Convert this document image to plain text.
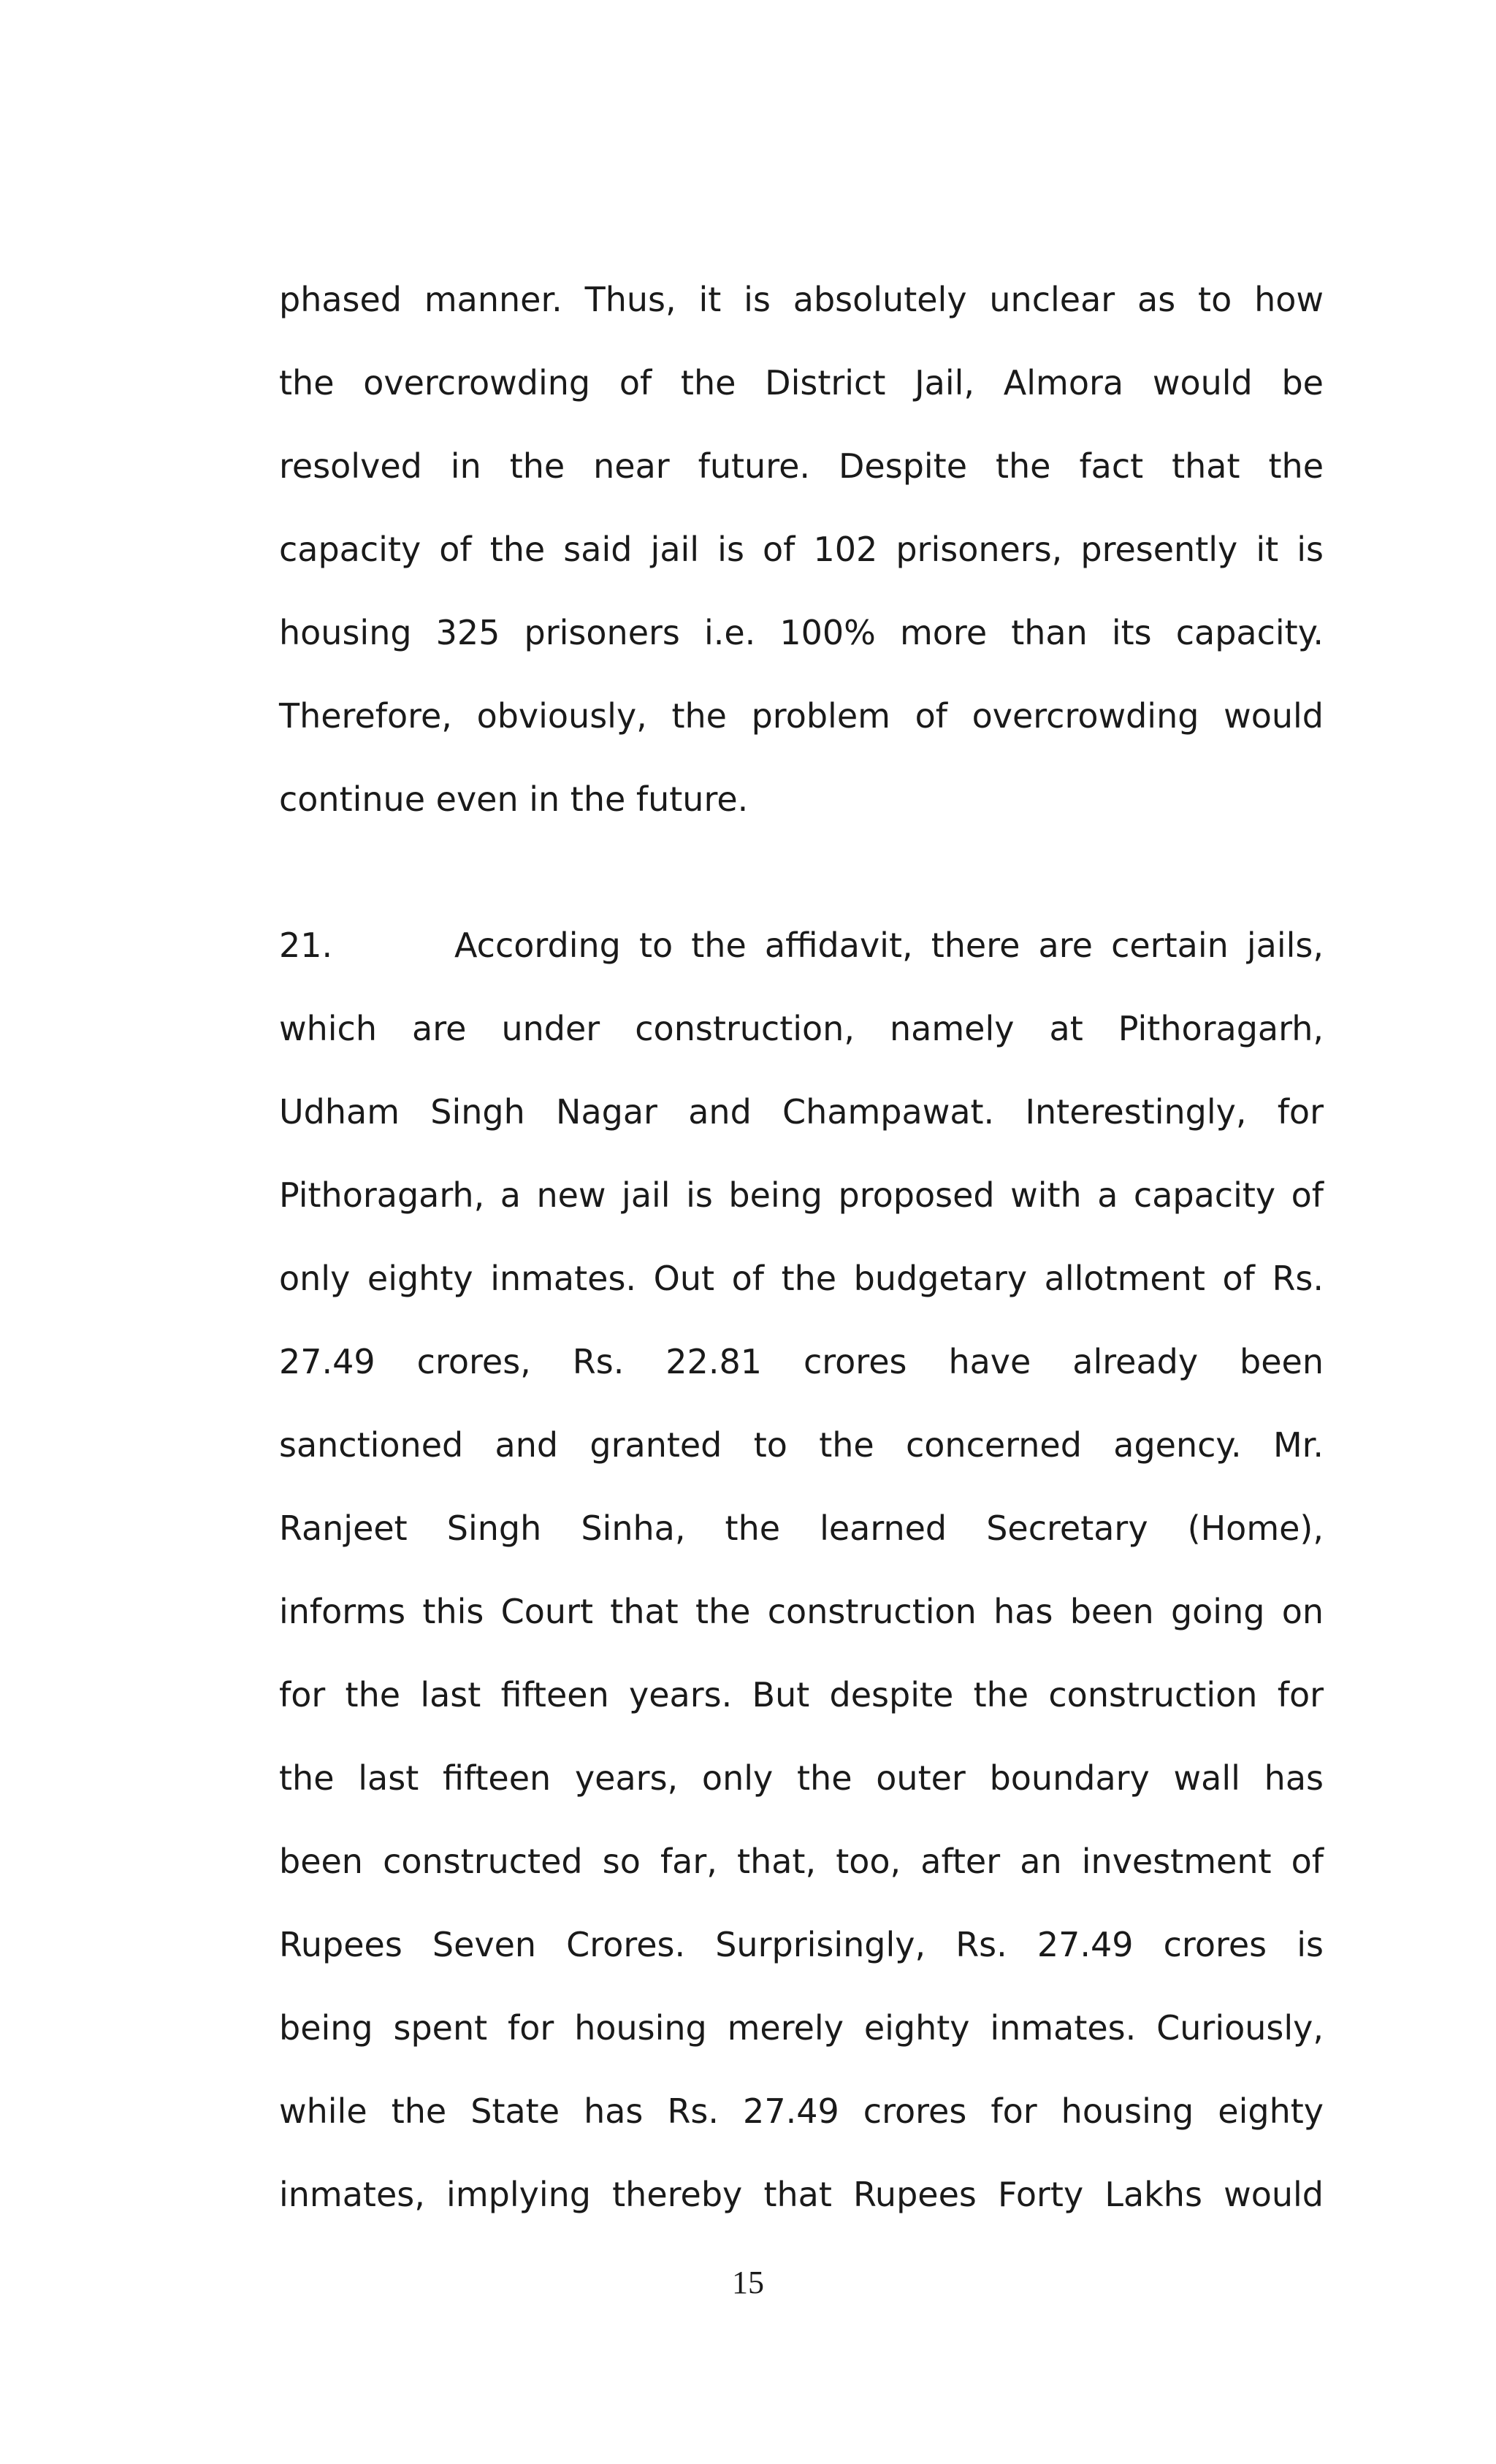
phased manner. Thus, it is absolutely unclear as to how
the overcrowding of the District Jail, Almora would be
resolved in the near future. Despite the fact that the
capacity of the said jail is of 102 prisoners, presently it is
housing 325 prisoners i.e. 100% more than its capacity.
Therefore, obviously, the problem of overcrowding would
continue even in the future.
21.	According to the affidavit, there are certain jails,
which are under construction, namely at Pithoragarh,
Udham Singh Nagar and Champawat. Interestingly, for
Pithoragarh, a new jail is being proposed with a capacity of
only eighty inmates. Out of the budgetary allotment of Rs.
27.49 crores, Rs. 22.81 crores have already been
sanctioned and granted to the concerned agency. Mr.
Ranjeet Singh Sinha, the learned Secretary (Home),
informs this Court that the construction has been going on
for the last fifteen years. But despite the construction for
the last fifteen years, only the outer boundary wall has
been constructed so far, that, too, after an investment of
Rupees Seven Crores. Surprisingly, Rs. 27.49 crores is
being spent for housing merely eighty inmates. Curiously,
while the State has Rs. 27.49 crores for housing eighty
inmates, implying thereby that Rupees Forty Lakhs would
15
